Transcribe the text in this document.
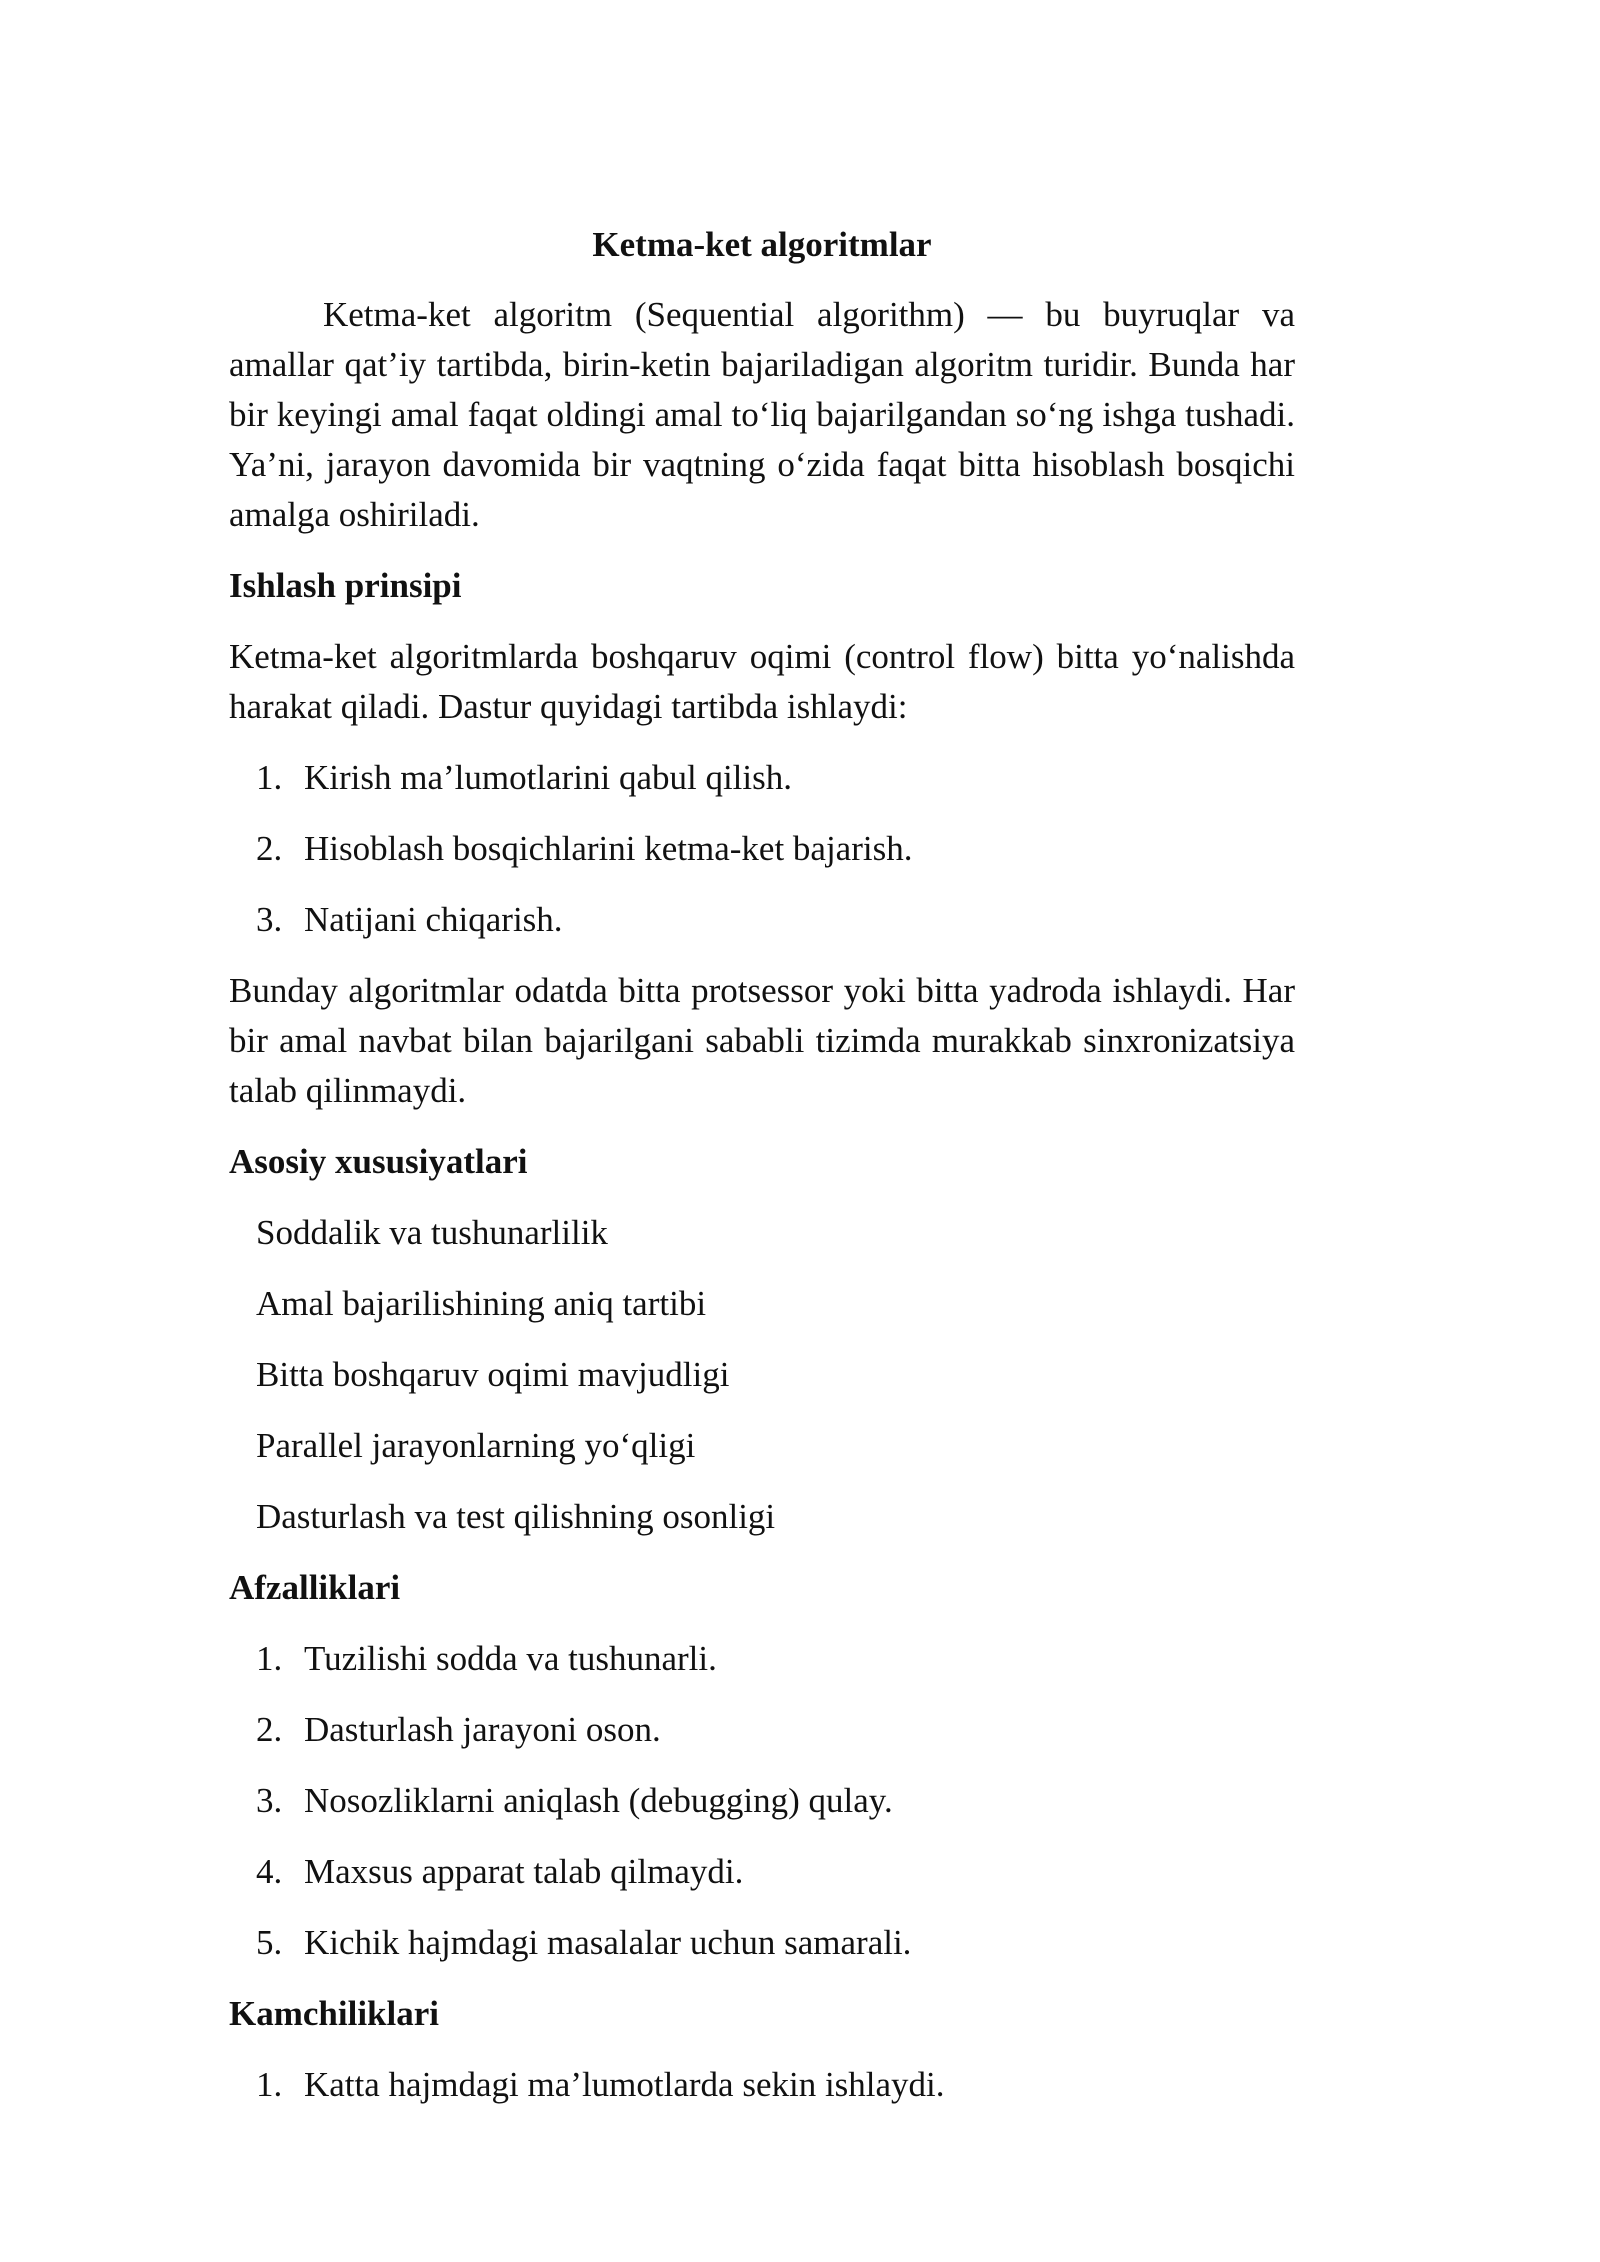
Ketma-ket algoritmlar

Ketma-ket algoritm (Sequential algorithm) — bu buyruqlar va amallar qat’iy tartibda, birin-ketin bajariladigan algoritm turidir. Bunda har bir keyingi amal faqat oldingi amal to‘liq bajarilgandan so‘ng ishga tushadi. Ya’ni, jarayon davomida bir vaqtning o‘zida faqat bitta hisoblash bosqichi amalga oshiriladi.

Ishlash prinsipi

Ketma-ket algoritmlarda boshqaruv oqimi (control flow) bitta yo‘nalishda harakat qiladi. Dastur quyidagi tartibda ishlaydi:

1. Kirish ma’lumotlarini qabul qilish.
2. Hisoblash bosqichlarini ketma-ket bajarish.
3. Natijani chiqarish.

Bunday algoritmlar odatda bitta protsessor yoki bitta yadroda ishlaydi. Har bir amal navbat bilan bajarilgani sababli tizimda murakkab sinxronizatsiya talab qilinmaydi.

Asosiy xususiyatlari
Soddalik va tushunarlilik
Amal bajarilishining aniq tartibi
Bitta boshqaruv oqimi mavjudligi
Parallel jarayonlarning yo‘qligi
Dasturlash va test qilishning osonligi
Afzalliklari
1. Tuzilishi sodda va tushunarli.
2. Dasturlash jarayoni oson.
3. Nosozliklarni aniqlash (debugging) qulay.
4. Maxsus apparat talab qilmaydi.
5. Kichik hajmdagi masalalar uchun samarali.
Kamchiliklari
1. Katta hajmdagi ma’lumotlarda sekin ishlaydi.
